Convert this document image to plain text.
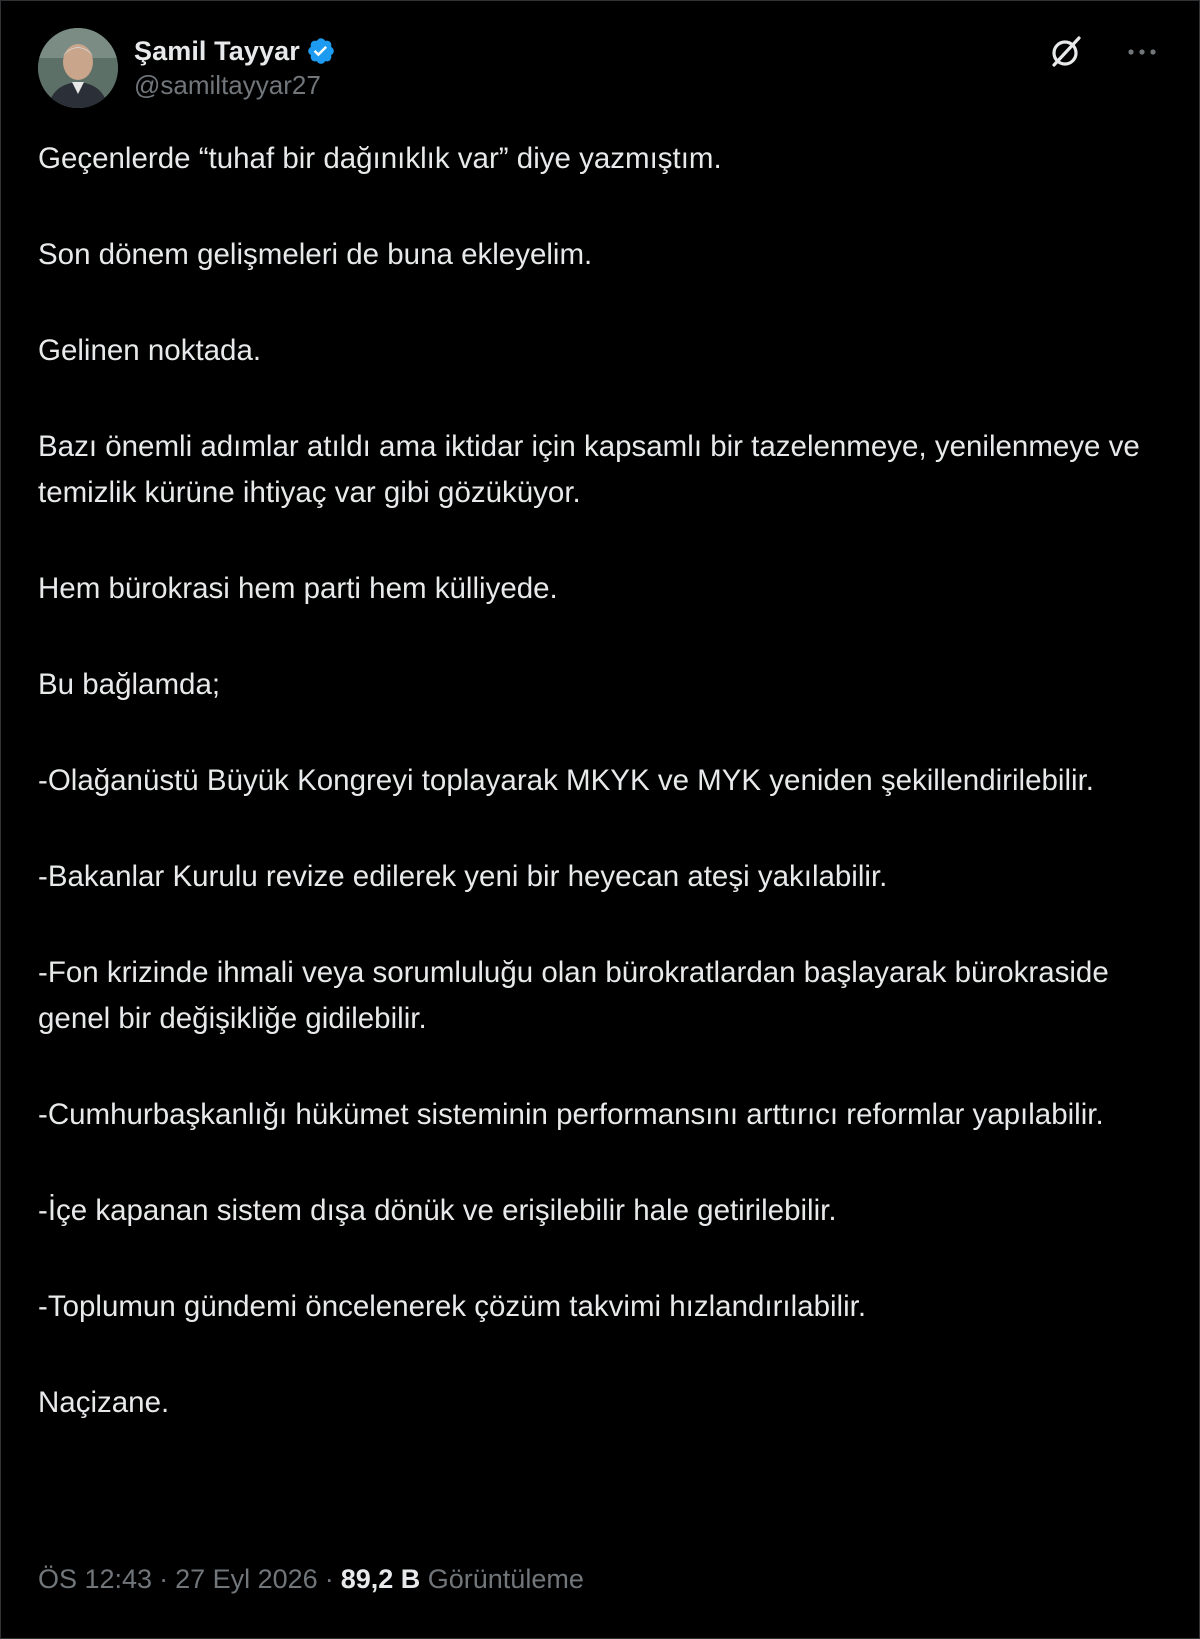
Şamil Tayyar
@samiltayyar27

Geçenlerde “tuhaf bir dağınıklık var” diye yazmıştım.

Son dönem gelişmeleri de buna ekleyelim.

Gelinen noktada.

Bazı önemli adımlar atıldı ama iktidar için kapsamlı bir tazelenmeye, yenilenmeye ve temizlik kürüne ihtiyaç var gibi gözüküyor.

Hem bürokrasi hem parti hem külliyede.

Bu bağlamda;

-Olağanüstü Büyük Kongreyi toplayarak MKYK ve MYK yeniden şekillendirilebilir.

-Bakanlar Kurulu revize edilerek yeni bir heyecan ateşi yakılabilir.

-Fon krizinde ihmali veya sorumluluğu olan bürokratlardan başlayarak bürokraside genel bir değişikliğe gidilebilir.

-Cumhurbaşkanlığı hükümet sisteminin performansını arttırıcı reformlar yapılabilir.

-İçe kapanan sistem dışa dönük ve erişilebilir hale getirilebilir.

-Toplumun gündemi öncelenerek çözüm takvimi hızlandırılabilir.

Naçizane.

ÖS 12:43 · 27 Eyl 2026 · 89,2 B Görüntüleme
